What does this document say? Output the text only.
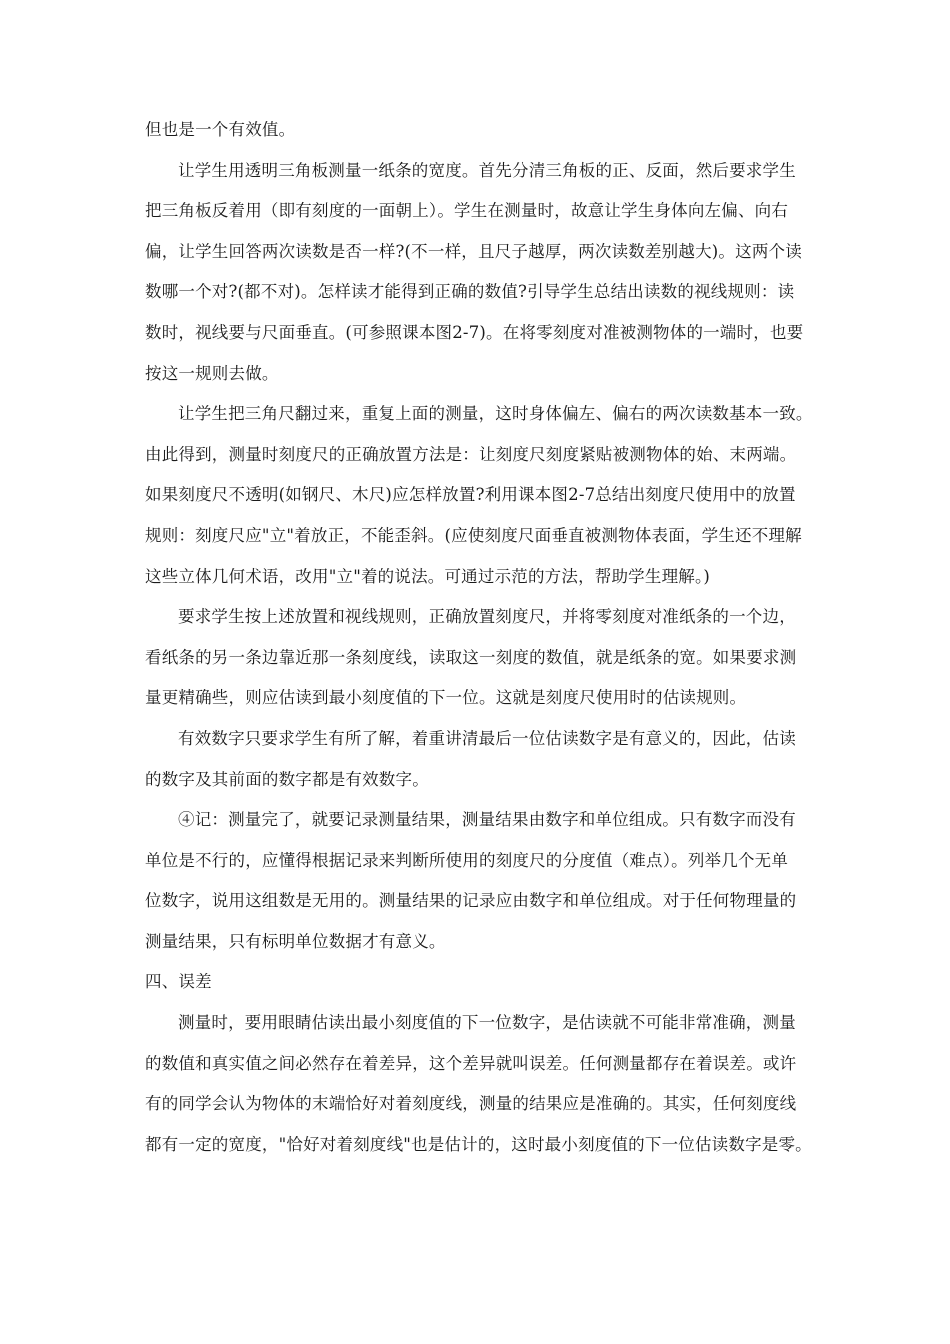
但也是一个有效值。
让学生用透明三角板测量一纸条的宽度。首先分清三角板的正、反面，然后要求学生
把三角板反着用（即有刻度的一面朝上）。学生在测量时，故意让学生身体向左偏、向右
偏，让学生回答两次读数是否一样?(不一样，且尺子越厚，两次读数差别越大)。这两个读
数哪一个对?(都不对)。怎样读才能得到正确的数值?引导学生总结出读数的视线规则：读
数时，视线要与尺面垂直。(可参照课本图2-7)。在将零刻度对准被测物体的一端时，也要
按这一规则去做。
让学生把三角尺翻过来，重复上面的测量，这时身体偏左、偏右的两次读数基本一致。
由此得到，测量时刻度尺的正确放置方法是：让刻度尺刻度紧贴被测物体的始、末两端。
如果刻度尺不透明(如钢尺、木尺)应怎样放置?利用课本图2-7总结出刻度尺使用中的放置
规则：刻度尺应"立"着放正，不能歪斜。(应使刻度尺面垂直被测物体表面，学生还不理解
这些立体几何术语，改用"立"着的说法。可通过示范的方法，帮助学生理解。)
要求学生按上述放置和视线规则，正确放置刻度尺，并将零刻度对准纸条的一个边，
看纸条的另一条边靠近那一条刻度线，读取这一刻度的数值，就是纸条的宽。如果要求测
量更精确些，则应估读到最小刻度值的下一位。这就是刻度尺使用时的估读规则。
有效数字只要求学生有所了解，着重讲清最后一位估读数字是有意义的，因此，估读
的数字及其前面的数字都是有效数字。
④记：测量完了，就要记录测量结果，测量结果由数字和单位组成。只有数字而没有
单位是不行的，应懂得根据记录来判断所使用的刻度尺的分度值（难点）。列举几个无单
位数字，说用这组数是无用的。测量结果的记录应由数字和单位组成。对于任何物理量的
测量结果，只有标明单位数据才有意义。
四、误差
测量时，要用眼睛估读出最小刻度值的下一位数字，是估读就不可能非常准确，测量
的数值和真实值之间必然存在着差异，这个差异就叫误差。任何测量都存在着误差。或许
有的同学会认为物体的末端恰好对着刻度线，测量的结果应是准确的。其实，任何刻度线
都有一定的宽度，"恰好对着刻度线"也是估计的，这时最小刻度值的下一位估读数字是零。
